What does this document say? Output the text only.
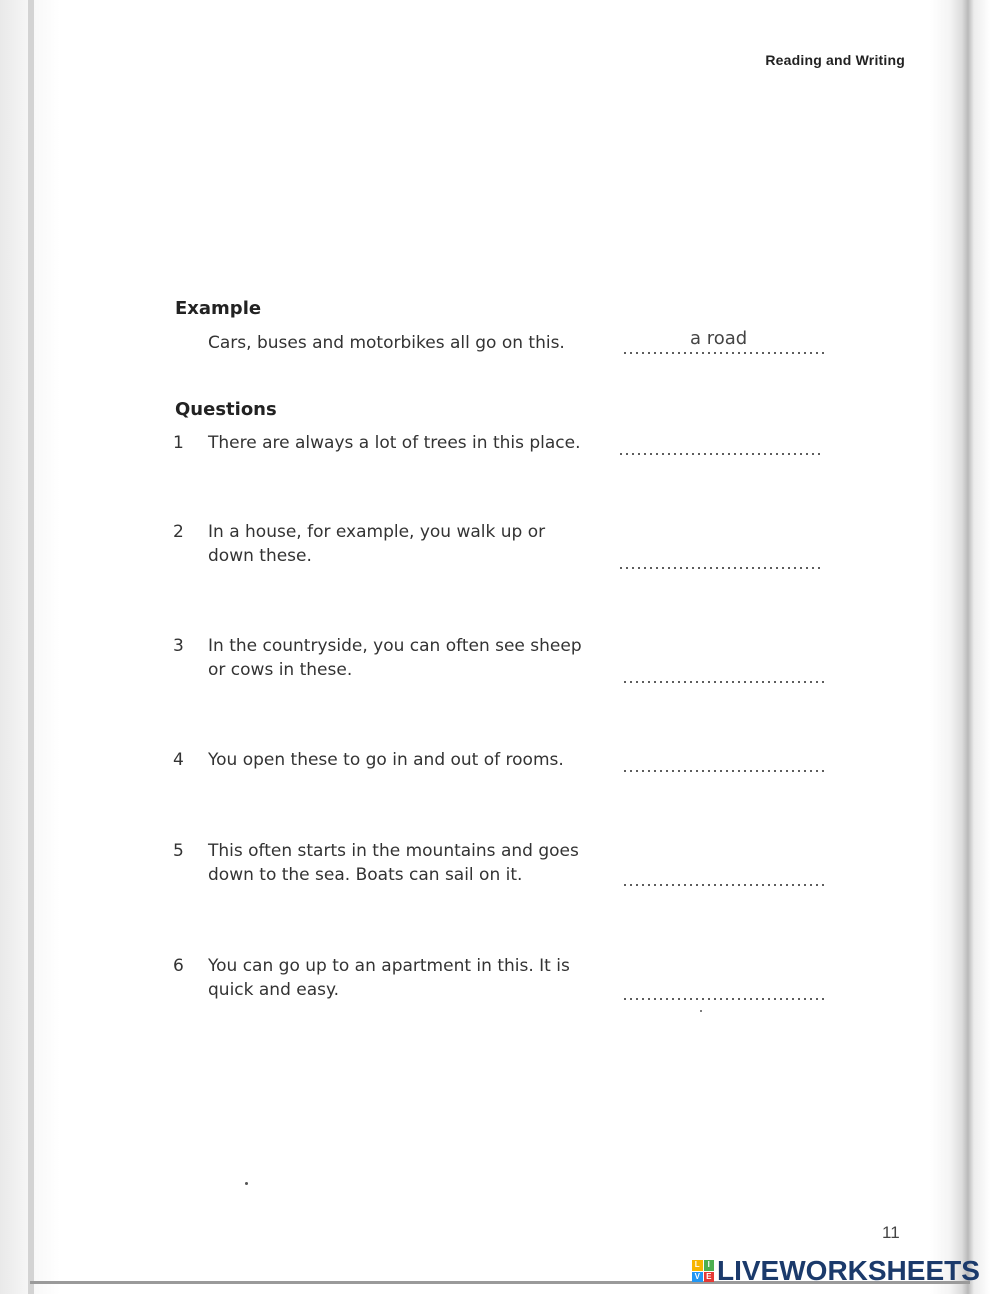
Reading and Writing
Example
Cars, buses and motorbikes all go on this.	a road
Questions
1 There are always a lot of trees in this place.
2 In a house, for example, you walk up or
down these.
3 In the countryside, you can often see sheep
or cows in these.
4 You open these to go in and out of rooms.
5 This often starts in the mountains and goes
down to the sea. Boats can sail on it.
6 You can go up to an apartment in this. It is
quick and easy.
11
L I
V E LIVEWORKSHEETS
